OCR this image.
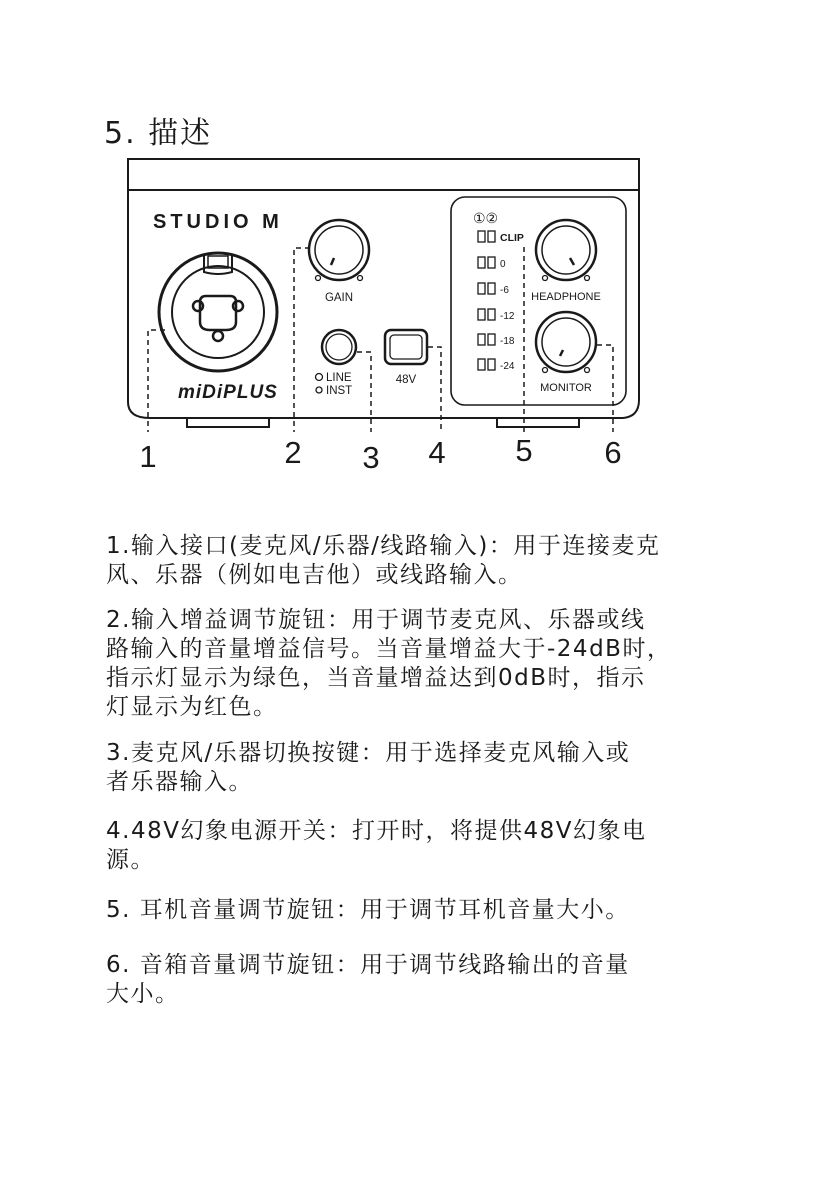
5. 描述
STUDIO M
miDiPLUS
GAIN
LINE
INST
48V
HEADPHONE
MONITOR
①②
CLIP
0
-6
-12
-18
-24
1	2 3 4 5 6

1.输入接口(麦克风/乐器/线路输入)：用于连接麦克

风、乐器（例如电吉他）或线路输入。

2.输入增益调节旋钮：用于调节麦克风、乐器或线

路输入的音量增益信号。当音量增益大于-24dB时，

指示灯显示为绿色，当音量增益达到0dB时，指示

灯显示为红色。

3.麦克风/乐器切换按键：用于选择麦克风输入或

者乐器输入。

4.48V幻象电源开关：打开时，将提供48V幻象电

源。

5. 耳机音量调节旋钮：用于调节耳机音量大小。

6. 音箱音量调节旋钮：用于调节线路输出的音量

大小。
